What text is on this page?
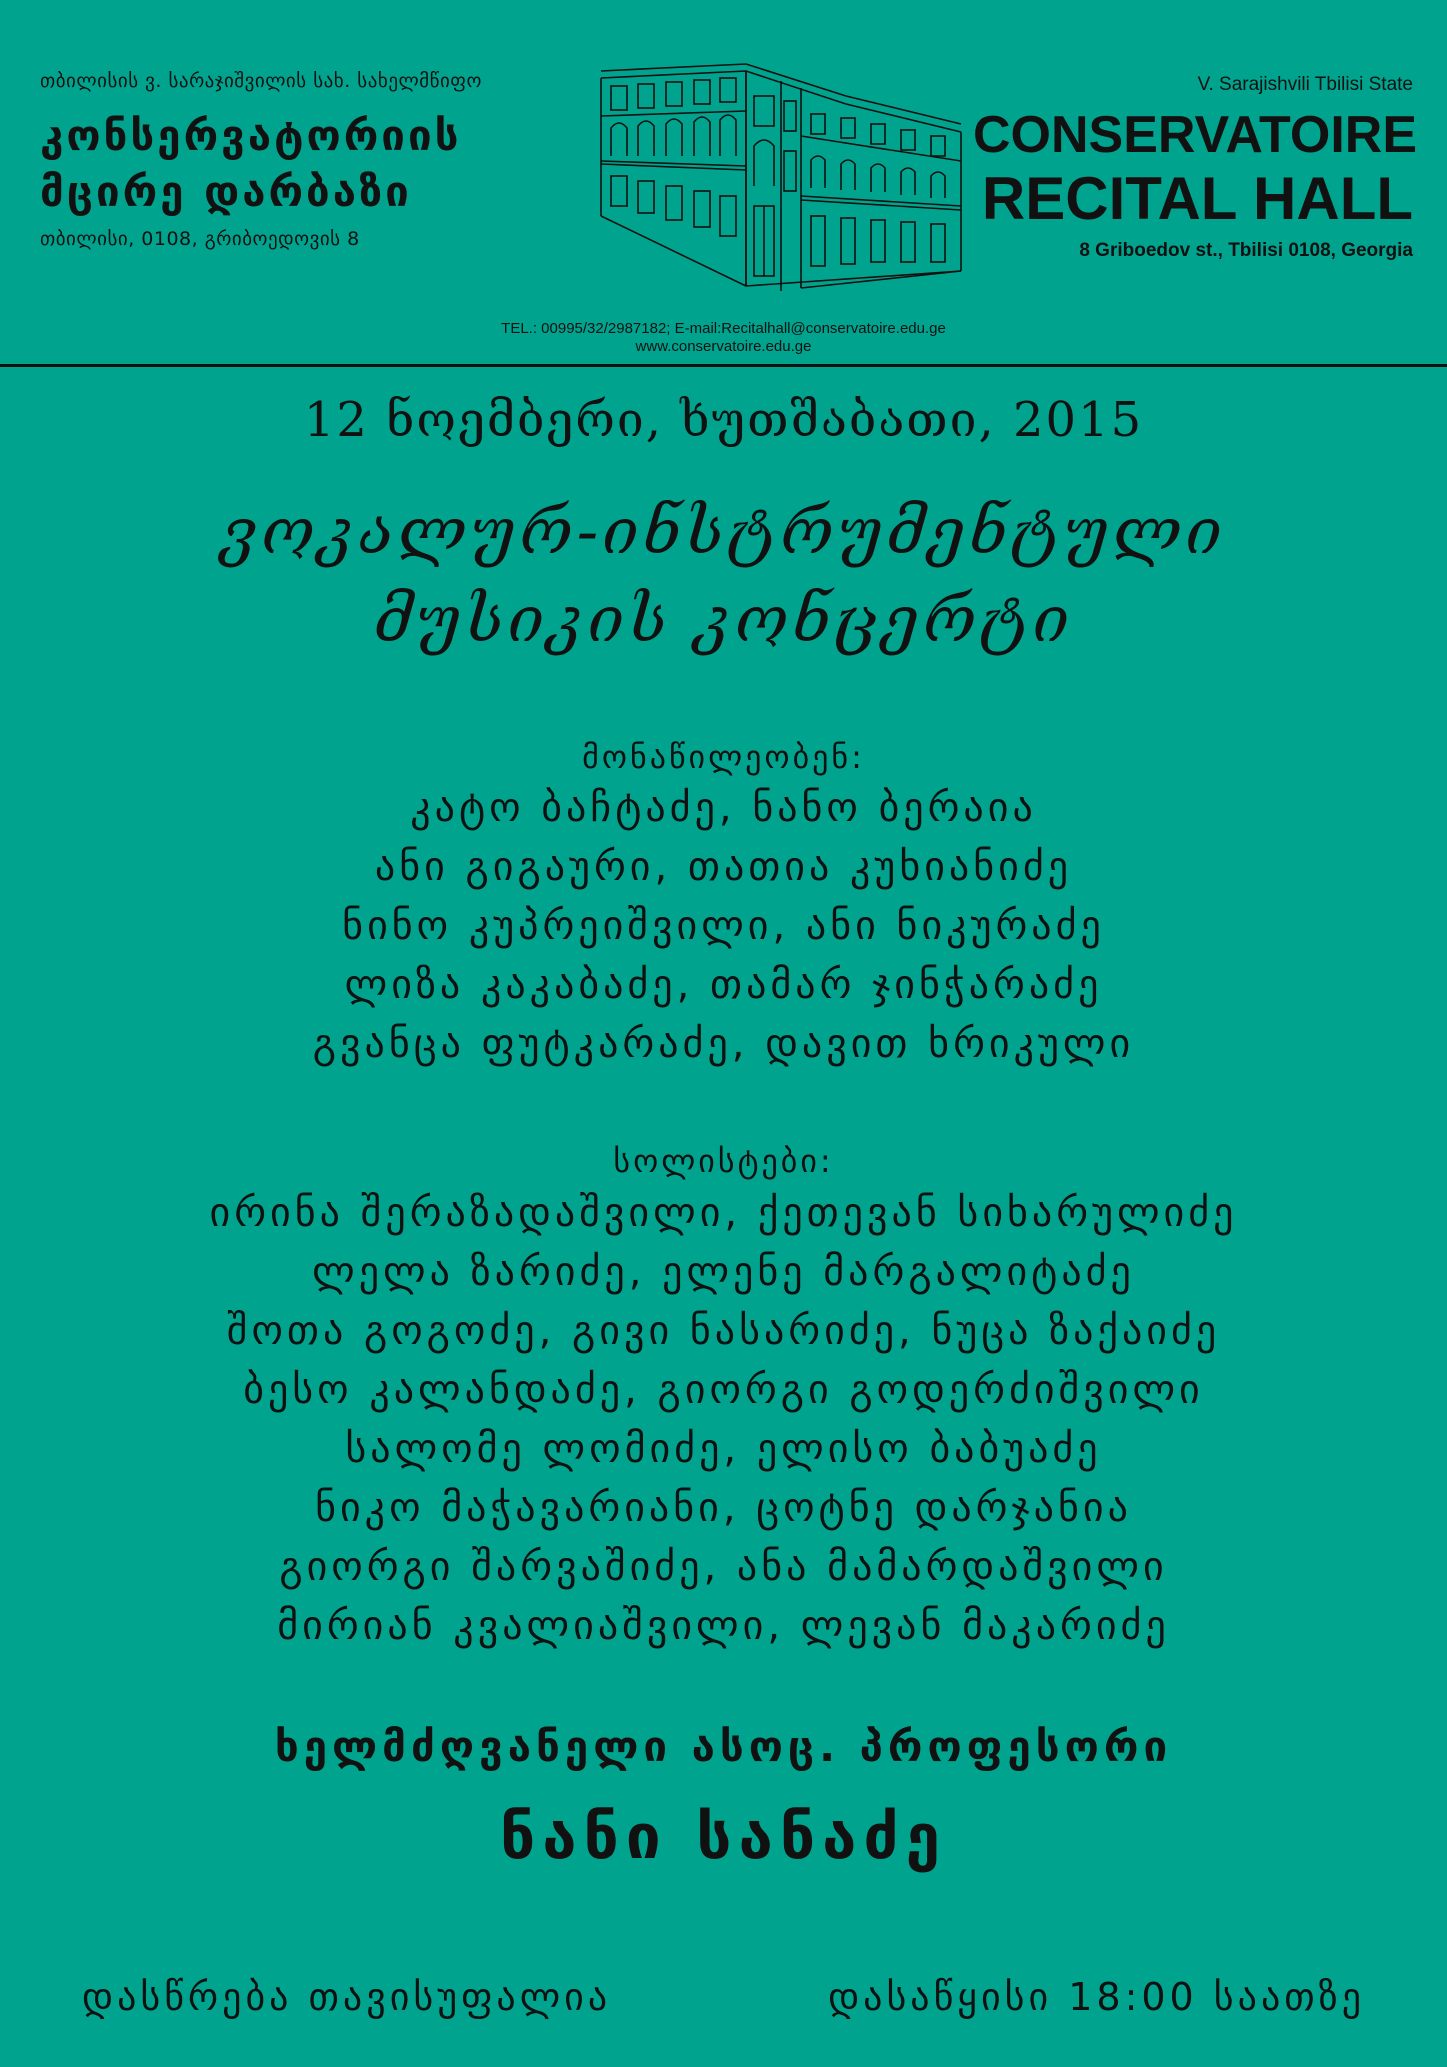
თბილისის ვ. სარაჯიშვილის სახ. სახელმწიფო
კონსერვატორიის
მცირე დარბაზი
თბილისი, 0108, გრიბოედოვის 8
V. Sarajishvili Tbilisi State
CONSERVATOIRE
RECITAL HALL
8 Griboedov st., Tbilisi 0108, Georgia
TEL.: 00995/32/2987182; E-mail:Recitalhall@conservatoire.edu.ge
www.conservatoire.edu.ge
12 ნოემბერი, ხუთშაბათი, 2015
ვოკალურ-ინსტრუმენტული
მუსიკის კონცერტი
მონაწილეობენ:
კატო ბაჩტაძე, ნანო ბერაია
ანი გიგაური, თათია კუხიანიძე
ნინო კუპრეიშვილი, ანი ნიკურაძე
ლიზა კაკაბაძე, თამარ ჯინჭარაძე
გვანცა ფუტკარაძე, დავით ხრიკული
სოლისტები:
ირინა შერაზადაშვილი, ქეთევან სიხარულიძე
ლელა ზარიძე, ელენე მარგალიტაძე
შოთა გოგოძე, გივი ნასარიძე, ნუცა ზაქაიძე
ბესო კალანდაძე, გიორგი გოდერძიშვილი
სალომე ლომიძე, ელისო ბაბუაძე
ნიკო მაჭავარიანი, ცოტნე დარჯანია
გიორგი შარვაშიძე, ანა მამარდაშვილი
მირიან კვალიაშვილი, ლევან მაკარიძე
ხელმძღვანელი ასოც. პროფესორი
ნანი სანაძე
დასწრება თავისუფალია	დასაწყისი 18:00 საათზე
